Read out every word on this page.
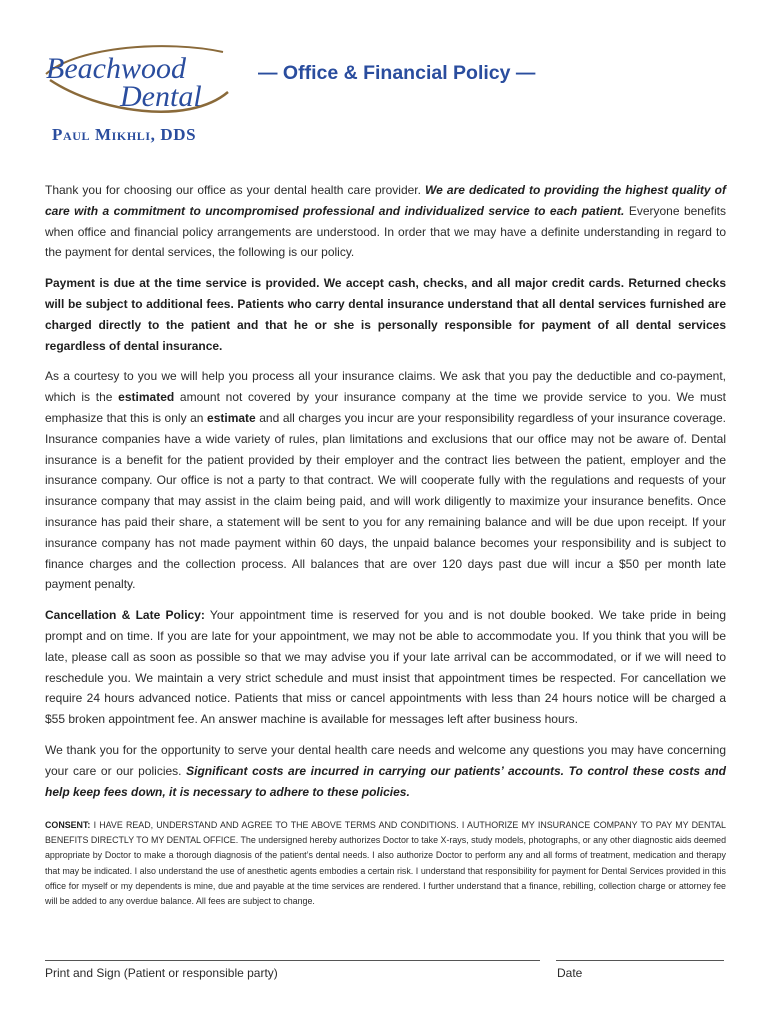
Beachwood
Dental
— Office & Financial Policy —
Paul Mikhli, DDS

Thank you for choosing our office as your dental health care provider. We are dedicated to providing the highest quality of care with a commitment to uncompromised professional and individualized service to each patient. Everyone benefits when office and financial policy arrangements are understood. In order that we may have a definite understanding in regard to the payment for dental services, the following is our policy.

Payment is due at the time service is provided. We accept cash, checks, and all major credit cards. Returned checks will be subject to additional fees. Patients who carry dental insurance understand that all dental services furnished are charged directly to the patient and that he or she is personally responsible for payment of all dental services regardless of dental insurance.

As a courtesy to you we will help you process all your insurance claims. We ask that you pay the deductible and co-payment, which is the estimated amount not covered by your insurance company at the time we provide service to you. We must emphasize that this is only an estimate and all charges you incur are your responsibility regardless of your insurance coverage. Insurance companies have a wide variety of rules, plan limitations and exclusions that our office may not be aware of. Dental insurance is a benefit for the patient provided by their employer and the contract lies between the patient, employer and the insurance company. Our office is not a party to that contract. We will cooperate fully with the regulations and requests of your insurance company that may assist in the claim being paid, and will work diligently to maximize your insurance benefits. Once insurance has paid their share, a statement will be sent to you for any remaining balance and will be due upon receipt. If your insurance company has not made payment within 60 days, the unpaid balance becomes your responsibility and is subject to finance charges and the collection process. All balances that are over 120 days past due will incur a $50 per month late payment penalty.

Cancellation & Late Policy: Your appointment time is reserved for you and is not double booked. We take pride in being prompt and on time. If you are late for your appointment, we may not be able to accommodate you. If you think that you will be late, please call as soon as possible so that we may advise you if your late arrival can be accommodated, or if we will need to reschedule you. We maintain a very strict schedule and must insist that appointment times be respected. For cancellation we require 24 hours advanced notice. Patients that miss or cancel appointments with less than 24 hours notice will be charged a $55 broken appointment fee. An answer machine is available for messages left after business hours.

We thank you for the opportunity to serve your dental health care needs and welcome any questions you may have concerning your care or our policies. Significant costs are incurred in carrying our patients’ accounts. To control these costs and help keep fees down, it is necessary to adhere to these policies.

CONSENT: I HAVE READ, UNDERSTAND AND AGREE TO THE ABOVE TERMS AND CONDITIONS. I AUTHORIZE MY INSURANCE COMPANY TO PAY MY DENTAL BENEFITS DIRECTLY TO MY DENTAL OFFICE. The undersigned hereby authorizes Doctor to take X-rays, study models, photographs, or any other diagnostic aids deemed appropriate by Doctor to make a thorough diagnosis of the patient’s dental needs. I also authorize Doctor to perform any and all forms of treatment, medication and therapy that may be indicated. I also understand the use of anesthetic agents embodies a certain risk. I understand that responsibility for payment for Dental Services provided in this office for myself or my dependents is mine, due and payable at the time services are rendered. I further understand that a finance, rebilling, collection charge or attorney fee will be added to any overdue balance. All fees are subject to change.
Print and Sign (Patient or responsible party)	Date
